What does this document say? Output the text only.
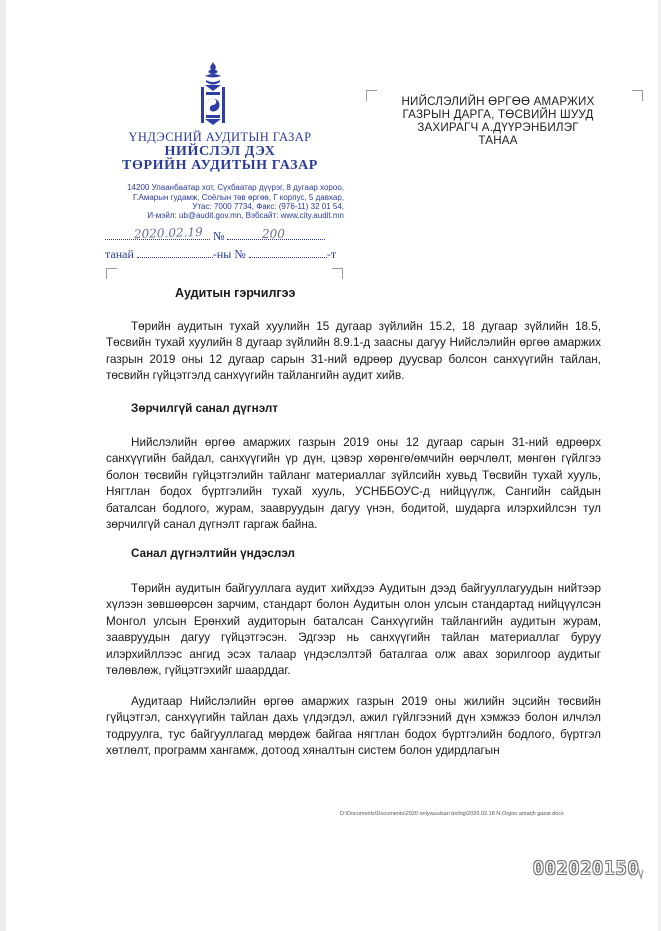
ҮНДЭСНИЙ АУДИТЫН ГАЗАР
НИЙСЛЭЛ ДЭХ
ТӨРИЙН АУДИТЫН ГАЗАР
14200 Улаанбаатар хот, Сүхбаатар дүүрэг, 8 дугаар хороо,
Г.Амарын гудамж, Соёлын төв өргөө, Г корпус, 5 давхар,
Утас: 7000 7734, Факс: (976-11) 32 01 54,
И-мэйл: ub@audit.gov.mn, Вэбсайт: www.city.audit.mn
№
танай	-ны №	-т
2020.02.19	200
НИЙСЛЭЛИЙН ӨРГӨӨ АМАРЖИХ
ГАЗРЫН ДАРГА, ТӨСВИЙН ШУУД
ЗАХИРАГЧ А.ДҮҮРЭНБИЛЭГ
ТАНАА
Аудитын гэрчилгээ
Төрийн аудитын тухай хуулийн 15 дугаар зүйлийн 15.2, 18 дугаар зүйлийн 18.5, Төсвийн тухай хуулийн 8 дугаар зүйлийн 8.9.1-д заасны дагуу Нийслэлийн өргөө амаржих газрын 2019 оны 12 дугаар сарын 31-ний өдрөөр дуусвар болсон санхүүгийн тайлан, төсвийн гүйцэтгэлд санхүүгийн тайлангийн аудит хийв.
Зөрчилгүй санал дүгнэлт
Нийслэлийн өргөө амаржих газрын 2019 оны 12 дугаар сарын 31-ний өдрөөрх санхүүгийн байдал, санхүүгийн үр дүн, цэвэр хөрөнгө/өмчийн өөрчлөлт, мөнгөн гүйлгээ болон төсвийн гүйцэтгэлийн тайланг материаллаг зүйлсийн хувьд Төсвийн тухай хууль, Нягтлан бодох бүртгэлийн тухай хууль, УСНББОУС-д нийцүүлж, Сангийн сайдын баталсан бодлого, журам, заавруудын дагуу үнэн, бодитой, шударга илэрхийлсэн тул зөрчилгүй санал дүгнэлт гаргаж байна.
Санал дүгнэлтийн үндэслэл
Төрийн аудитын байгууллага аудит хийхдээ Аудитын дээд байгууллагуудын нийтээр хүлээн зөвшөөрсөн зарчим, стандарт болон Аудитын олон улсын стандартад нийцүүлсэн Монгол улсын Ерөнхий аудиторын баталсан Санхүүгийн тайлангийн аудитын журам, заавруудын дагуу гүйцэтгэсэн. Эдгээр нь санхүүгийн тайлан материаллаг буруу илэрхийллээс ангид эсэх талаар үндэслэлтэй баталгаа олж авах зорилгоор аудитыг төлөвлөж, гүйцэтгэхийг шаарддаг.
Аудитаар Нийслэлийн өргөө амаржих газрын 2019 оны жилийн эцсийн төсвийн гүйцэтгэл, санхүүгийн тайлан дахь үлдэгдэл, ажил гүйлгээний дүн хэмжээ болон илчлэл тодруулга, тус байгууллагад мөрдөж байгаа нягтлан бодох бүртгэлийн бодлого, бүртгэл хөтлөлт, программ хангамж, дотоод хяналтын систем болон удирдлагын
D:\Documents\Documents\2020 onlywuulsan bichig\2020.02.18 N-Orgoo amarjh gazar.docx
002020150
